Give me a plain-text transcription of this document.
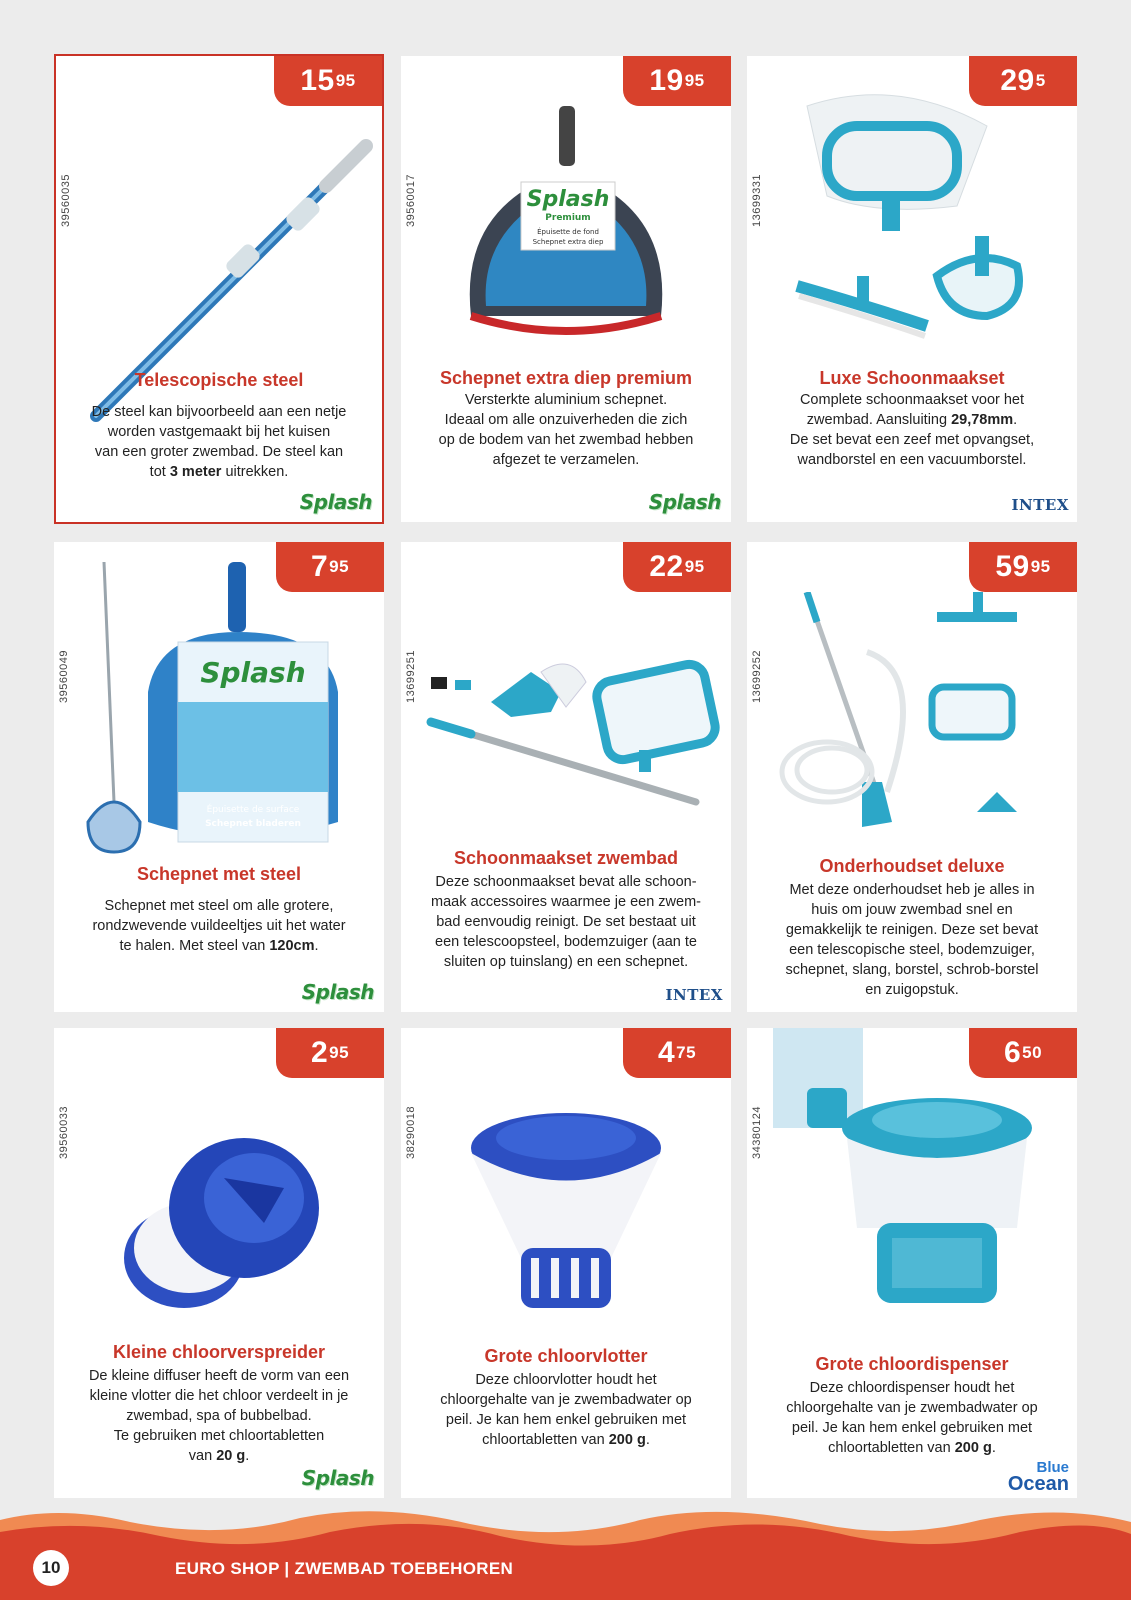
15 95
39560035
Telescopische steel
De steel kan bijvoorbeeld aan een netje
worden vastgemaakt bij het kuisen
van een groter zwembad. De steel kan
tot 3 meter uitrekken.
Splash
19 95
39560017	Splash
Premium
Épuisette de fond
Schepnet extra diep
Schepnet extra diep premium
Versterkte aluminium schepnet.
Ideaal om alle onzuiverheden die zich
op de bodem van het zwembad hebben
afgezet te verzamelen.
Splash
29 5
13699331
Luxe Schoonmaakset
Complete schoonmaakset voor het
zwembad. Aansluiting 29,78mm.
De set bevat een zeef met opvangset,
wandborstel en een vacuumborstel.
INTEX
7 95
39560049	Splash
Épuisette de surface
Schepnet bladeren
Schepnet met steel
Schepnet met steel om alle grotere,
rondzwevende vuildeeltjes uit het water
te halen. Met steel van 120cm.
Splash
22 95
13699251
Schoonmaakset zwembad
Deze schoonmaakset bevat alle schoon-
maak accessoires waarmee je een zwem-
bad eenvoudig reinigt. De set bestaat uit
een telescoopsteel, bodemzuiger (aan te
sluiten op tuinslang) en een schepnet.
INTEX
59 95
13699252
Onderhoudset deluxe
Met deze onderhoudset heb je alles in
huis om jouw zwembad snel en
gemakkelijk te reinigen. Deze set bevat
een telescopische steel, bodemzuiger,
schepnet, slang, borstel, schrob-borstel
en zuigopstuk.
2 95
39560033
Kleine chloorverspreider
De kleine diffuser heeft de vorm van een
kleine vlotter die het chloor verdeelt in je
zwembad, spa of bubbelbad.
Te gebruiken met chloortabletten
van 20 g.
Splash
4 75
38290018
Grote chloorvlotter
Deze chloorvlotter houdt het
chloorgehalte van je zwembadwater op
peil. Je kan hem enkel gebruiken met
chloortabletten van 200 g.
6 50
34380124
Grote chloordispenser
Deze chloordispenser houdt het
chloorgehalte van je zwembadwater op
peil. Je kan hem enkel gebruiken met
chloortabletten van 200 g.
Blue
Ocean
10	EURO SHOP | ZWEMBAD TOEBEHOREN
